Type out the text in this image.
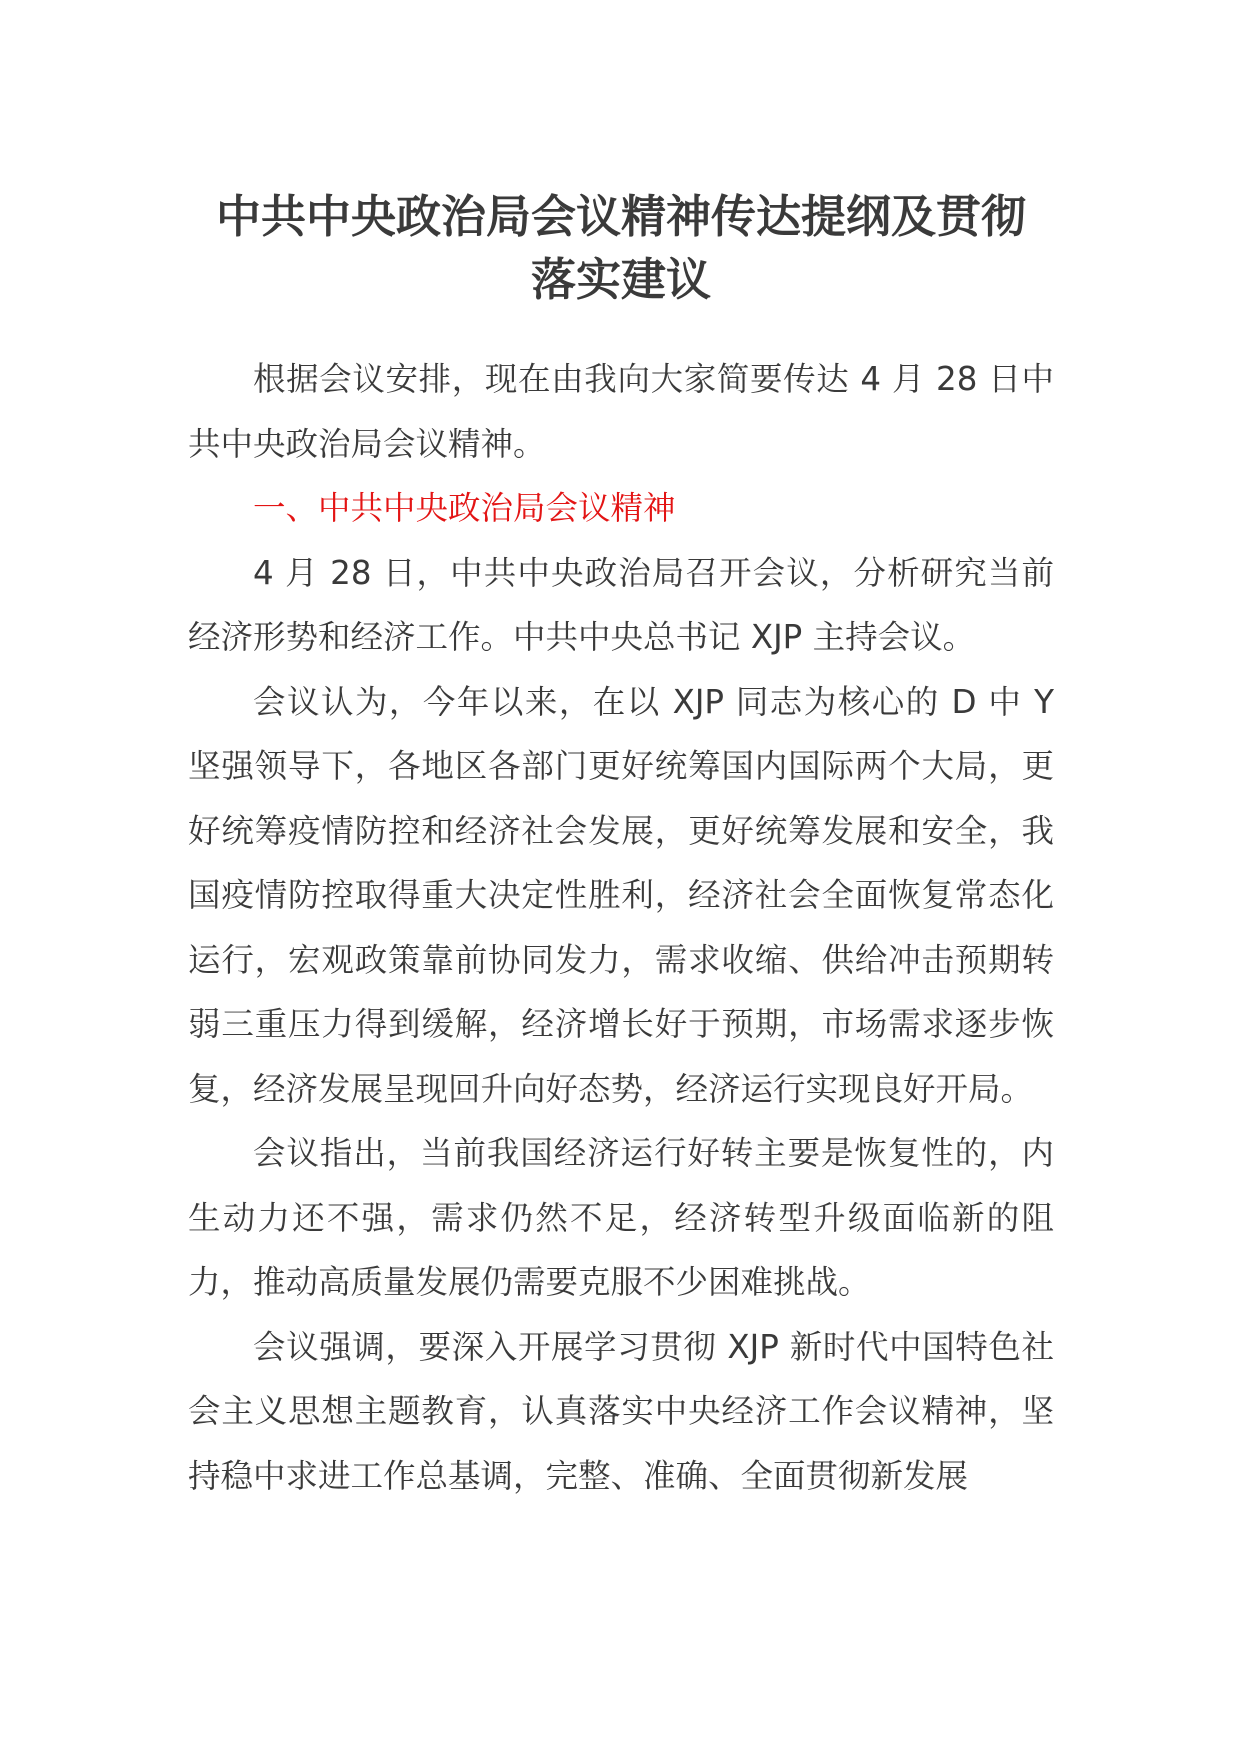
中共中央政治局会议精神传达提纲及贯彻
落实建议

根据会议安排，现在由我向大家简要传达 4 月 28 日中共中央政治局会议精神。

一、中共中央政治局会议精神

4 月 28 日，中共中央政治局召开会议，分析研究当前经济形势和经济工作。中共中央总书记 XJP 主持会议。

会议认为，今年以来，在以 XJP 同志为核心的 D 中 Y 坚强领导下，各地区各部门更好统筹国内国际两个大局，更好统筹疫情防控和经济社会发展，更好统筹发展和安全，我国疫情防控取得重大决定性胜利，经济社会全面恢复常态化运行，宏观政策靠前协同发力，需求收缩、供给冲击预期转弱三重压力得到缓解，经济增长好于预期，市场需求逐步恢复，经济发展呈现回升向好态势，经济运行实现良好开局。

会议指出，当前我国经济运行好转主要是恢复性的，内生动力还不强，需求仍然不足，经济转型升级面临新的阻力，推动高质量发展仍需要克服不少困难挑战。

会议强调，要深入开展学习贯彻 XJP 新时代中国特色社会主义思想主题教育，认真落实中央经济工作会议精神，坚持稳中求进工作总基调，完整、准确、全面贯彻新发展
